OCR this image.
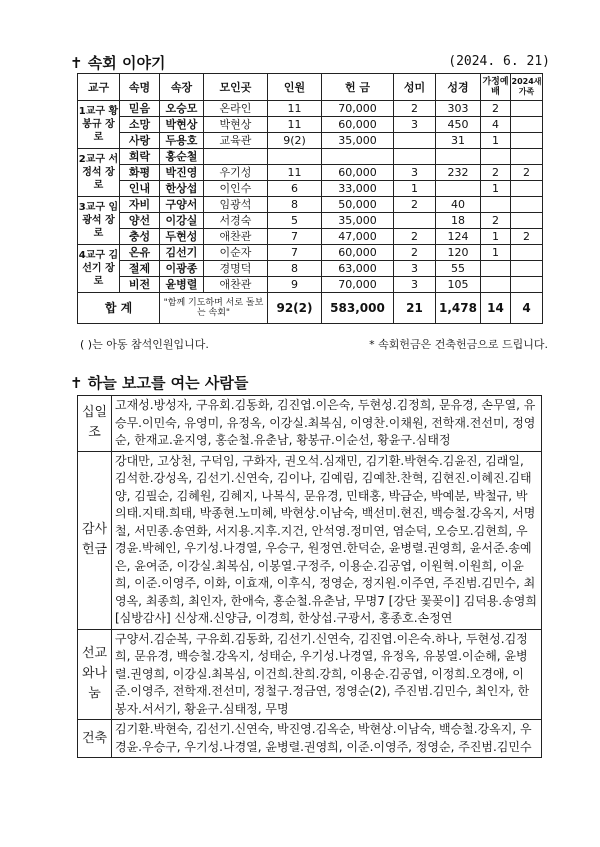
✝ 속회 이야기	(2024. 6. 21)
교구	속명	속장	모인곳	인원	헌 금	성미	성경	가정예배	2024새가족
1교구 황봉규 장로	믿음	오승모	온라인	11	70,000	2	303	2	
	소망	박현상	박현상	11	60,000	3	450	4	
	사랑	두용호	교육관	9(2)	35,000		31	1	
2교구 서정석 장로	희락	홍순철							
	화평	박진영	우기성	11	60,000	3	232	2	2
	인내	한상섭	이인수	6	33,000	1		1	
3교구 임광석 장로	자비	구양서	임광석	8	50,000	2	40		
	양선	이강실	서경숙	5	35,000		18	2	
	충성	두현성	애찬관	7	47,000	2	124	1	2
4교구 김선기 장로	온유	김선기	이순자	7	60,000	2	120	1	
	절제	이광종	경명덕	8	63,000	3	55		
	비전	윤병렬	애찬관	9	70,000	3	105		
합 계		"함께 기도하며 서로 돌보는 속회"		92(2)	583,000	21	1,478	14	4
( )는 아동 참석인원입니다.	* 속회헌금은 건축헌금으로 드립니다.
✝ 하늘 보고를 여는 사람들
십일조	고재성.방성자, 구유회.김동화, 김진엽.이은숙, 두현성.김정희, 문유경, 손무열, 유승무.이민숙, 유영미, 유정옥, 이강실.최복심, 이영찬.이채원, 전학재.전선미, 정영순, 한재교.윤지영, 홍순철.유춘남, 황봉규.이순선, 황윤구.심태정
감사헌금	강대만, 고상천, 구덕임, 구화자, 권오석.심재민, 김기환.박현숙.김윤진, 김래일, 김석한.강성옥, 김선기.신연숙, 김이나, 김예림, 김예찬.찬혁, 김현진.이혜진.김태양, 김필순, 김혜원, 김혜지, 나복식, 문유경, 민태홍, 박금순, 박예분, 박철규, 박의태.지태.희태, 박종현.노미혜, 박현상.이남숙, 백선미.현진, 백승철.강옥지, 서명철, 서민종.송연화, 서지용.지후.지건, 안석영.정미연, 염순덕, 오승모.김현희, 우경윤.박혜인, 우기성.나경열, 우승구, 원정연.한덕순, 윤병렬.권영희, 윤서준.송예은, 윤여준, 이강실.최복심, 이봉열.구정주, 이용순.김공엽, 이원혁.이원희, 이윤희, 이준.이영주, 이화, 이효재, 이후식, 정영순, 정지원.이주연, 주진범.김민수, 최영옥, 최종희, 최인자, 한애숙, 홍순철.유춘남, 무명7 [강단 꽃꽂이] 김덕용.송영희 [심방감사] 신상재.신양금, 이경희, 한상섭.구광서, 홍종호.손정연
선교와나눔	구양서.김순복, 구유회.김동화, 김선기.신연숙, 김진엽.이은숙.하나, 두현성.김정희, 문유경, 백승철.강옥지, 성태순, 우기성.나경열, 유정옥, 유봉열.이순해, 윤병렬.권영희, 이강실.최복심, 이건희.찬희.강희, 이용순.김공엽, 이정희.오경애, 이준.이영주, 전학재.전선미, 정철구.정금연, 정영순(2), 주진범.김민수, 최인자, 한봉자.서서기, 황윤구.심태정, 무명
건축	김기환.박현숙, 김선기.신연숙, 박진영.김옥순, 박현상.이남숙, 백승철.강옥지, 우경윤.우승구, 우기성.나경열, 윤병렬.권영희, 이준.이영주, 정영순, 주진범.김민수
